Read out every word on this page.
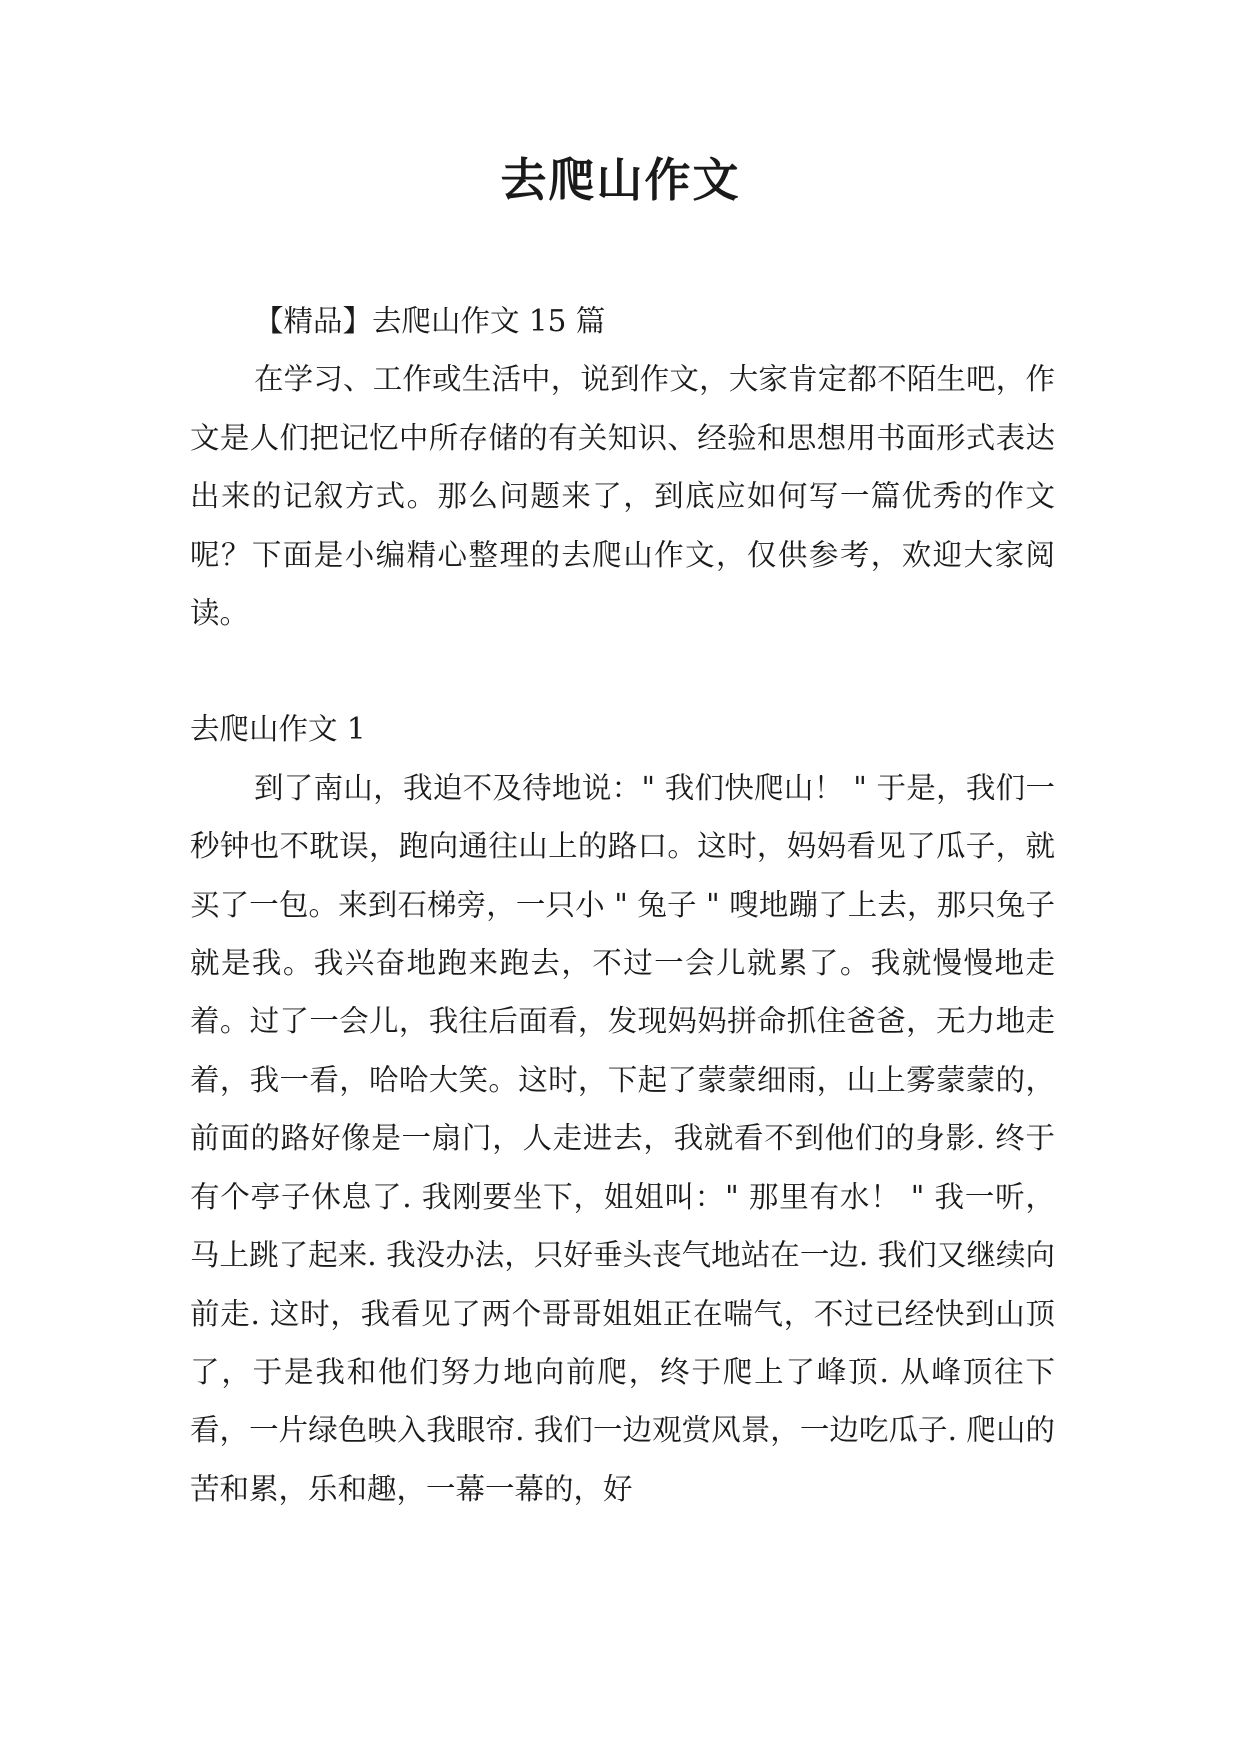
去爬山作文

【精品】去爬山作文 15 篇

在学习、工作或生活中，说到作文，大家肯定都不陌生吧，作文是人们把记忆中所存储的有关知识、经验和思想用书面形式表达出来的记叙方式。那么问题来了，到底应如何写一篇优秀的作文呢？下面是小编精心整理的去爬山作文，仅供参考，欢迎大家阅读。

去爬山作文 1

到了南山，我迫不及待地说：" 我们快爬山！ " 于是，我们一秒钟也不耽误，跑向通往山上的路口。这时，妈妈看见了瓜子，就买了一包。来到石梯旁，一只小 " 兔子 " 嗖地蹦了上去，那只兔子就是我。我兴奋地跑来跑去，不过一会儿就累了。我就慢慢地走着。过了一会儿，我往后面看，发现妈妈拼命抓住爸爸，无力地走着，我一看，哈哈大笑。这时，下起了蒙蒙细雨，山上雾蒙蒙的，前面的路好像是一扇门，人走进去，我就看不到他们的身影. 终于有个亭子休息了. 我刚要坐下，姐姐叫：" 那里有水！ " 我一听，马上跳了起来. 我没办法，只好垂头丧气地站在一边. 我们又继续向前走. 这时，我看见了两个哥哥姐姐正在喘气，不过已经快到山顶了，于是我和他们努力地向前爬，终于爬上了峰顶. 从峰顶往下看，一片绿色映入我眼帘. 我们一边观赏风景，一边吃瓜子. 爬山的苦和累，乐和趣，一幕一幕的，好
